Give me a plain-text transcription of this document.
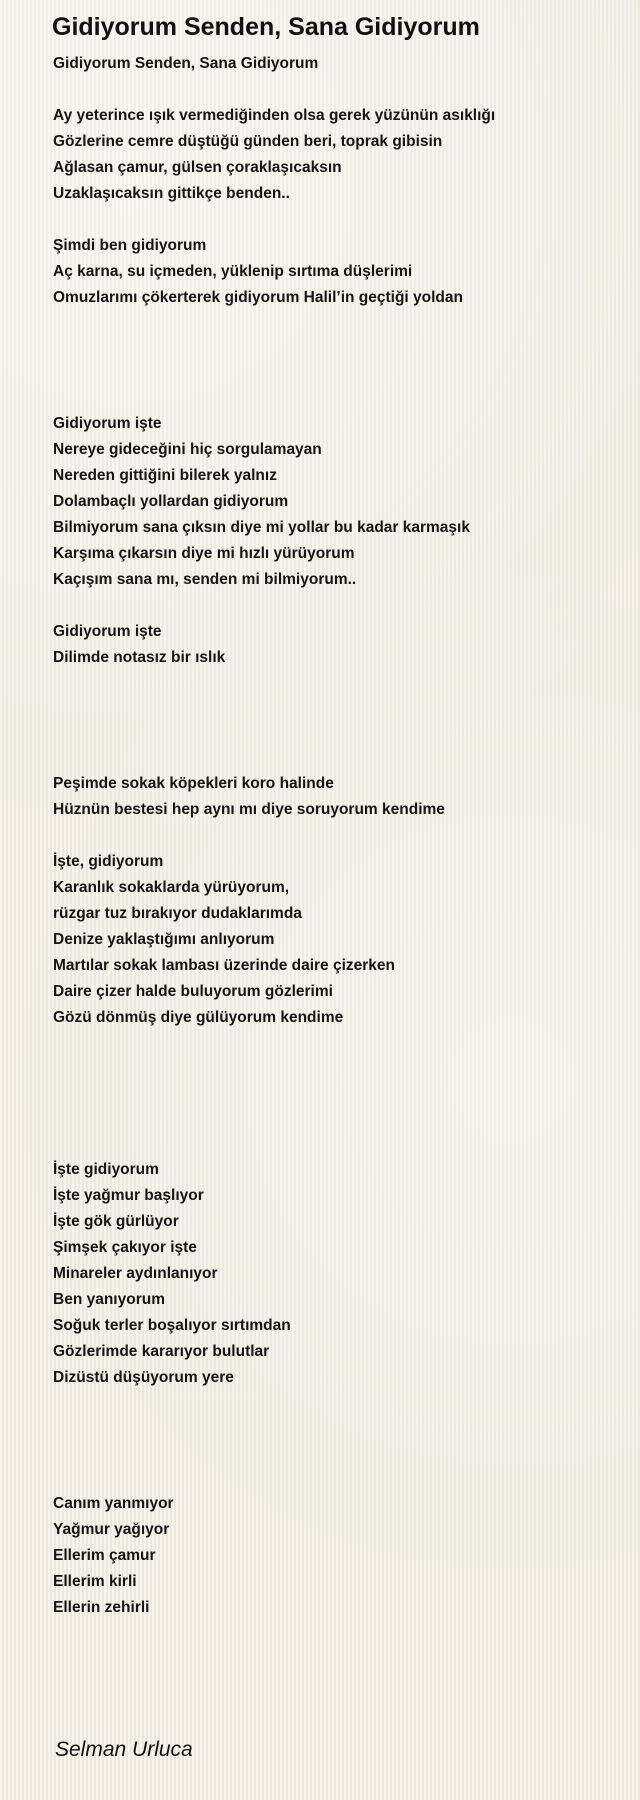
Gidiyorum Senden, Sana Gidiyorum
Gidiyorum Senden, Sana Gidiyorum
Ay yeterince ışık vermediğinden olsa gerek yüzünün asıklığı
Gözlerine cemre düştüğü günden beri, toprak gibisin
Ağlasan çamur, gülsen çoraklaşıcaksın
Uzaklaşıcaksın gittikçe benden..
Şimdi ben gidiyorum
Aç karna, su içmeden, yüklenip sırtıma düşlerimi
Omuzlarımı çökerterek gidiyorum Halil’in geçtiği yoldan
Gidiyorum işte
Nereye gideceğini hiç sorgulamayan
Nereden gittiğini bilerek yalnız
Dolambaçlı yollardan gidiyorum
Bilmiyorum sana çıksın diye mi yollar bu kadar karmaşık
Karşıma çıkarsın diye mi hızlı yürüyorum
Kaçışım sana mı, senden mi bilmiyorum..
Gidiyorum işte
Dilimde notasız bir ıslık
Peşimde sokak köpekleri koro halinde
Hüznün bestesi hep aynı mı diye soruyorum kendime
İşte, gidiyorum
Karanlık sokaklarda yürüyorum,
rüzgar tuz bırakıyor dudaklarımda
Denize yaklaştığımı anlıyorum
Martılar sokak lambası üzerinde daire çizerken
Daire çizer halde buluyorum gözlerimi
Gözü dönmüş diye gülüyorum kendime
İşte gidiyorum
İşte yağmur başlıyor
İşte gök gürlüyor
Şimşek çakıyor işte
Minareler aydınlanıyor
Ben yanıyorum
Soğuk terler boşalıyor sırtımdan
Gözlerimde kararıyor bulutlar
Dizüstü düşüyorum yere
Canım yanmıyor
Yağmur yağıyor
Ellerim çamur
Ellerim kirli
Ellerin zehirli
Selman Urluca
